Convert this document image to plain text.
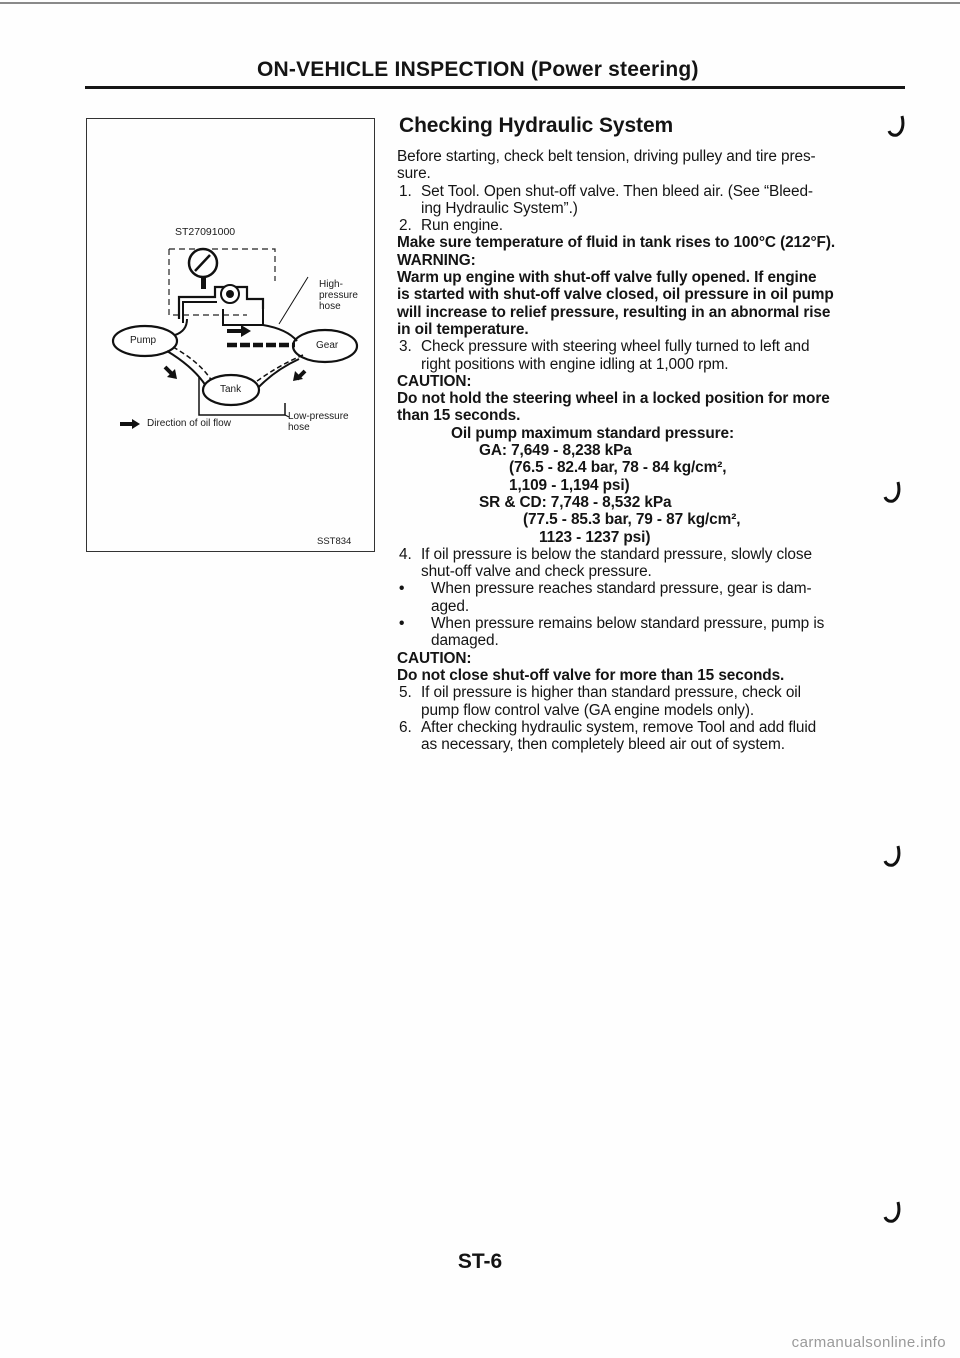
ON-VEHICLE INSPECTION (Power steering)
ST27091000
High-
pressure
hose
Pump	Gear
Tank
Low-pressure
hose
Direction of oil flow
SST834
Checking Hydraulic System
Before starting, check belt tension, driving pulley and tire pres-
sure.
1. Set Tool. Open shut-off valve. Then bleed air. (See “Bleed-
ing Hydraulic System”.)
2. Run engine.
Make sure temperature of fluid in tank rises to 100°C (212°F).
WARNING:
Warm up engine with shut-off valve fully opened. If engine
is started with shut-off valve closed, oil pressure in oil pump
will increase to relief pressure, resulting in an abnormal rise
in oil temperature.
3. Check pressure with steering wheel fully turned to left and
right positions with engine idling at 1,000 rpm.
CAUTION:
Do not hold the steering wheel in a locked position for more
than 15 seconds.
Oil pump maximum standard pressure:
GA: 7,649 - 8,238 kPa
(76.5 - 82.4 bar, 78 - 84 kg/cm²,
1,109 - 1,194 psi)
SR & CD: 7,748 - 8,532 kPa
(77.5 - 85.3 bar, 79 - 87 kg/cm²,
1123 - 1237 psi)
4. If oil pressure is below the standard pressure, slowly close
shut-off valve and check pressure.
•	When pressure reaches standard pressure, gear is dam-
aged.
•	When pressure remains below standard pressure, pump is
damaged.
CAUTION:
Do not close shut-off valve for more than 15 seconds.
5. If oil pressure is higher than standard pressure, check oil
pump flow control valve (GA engine models only).
6. After checking hydraulic system, remove Tool and add fluid
as necessary, then completely bleed air out of system.
ST-6
carmanualsonline.info
